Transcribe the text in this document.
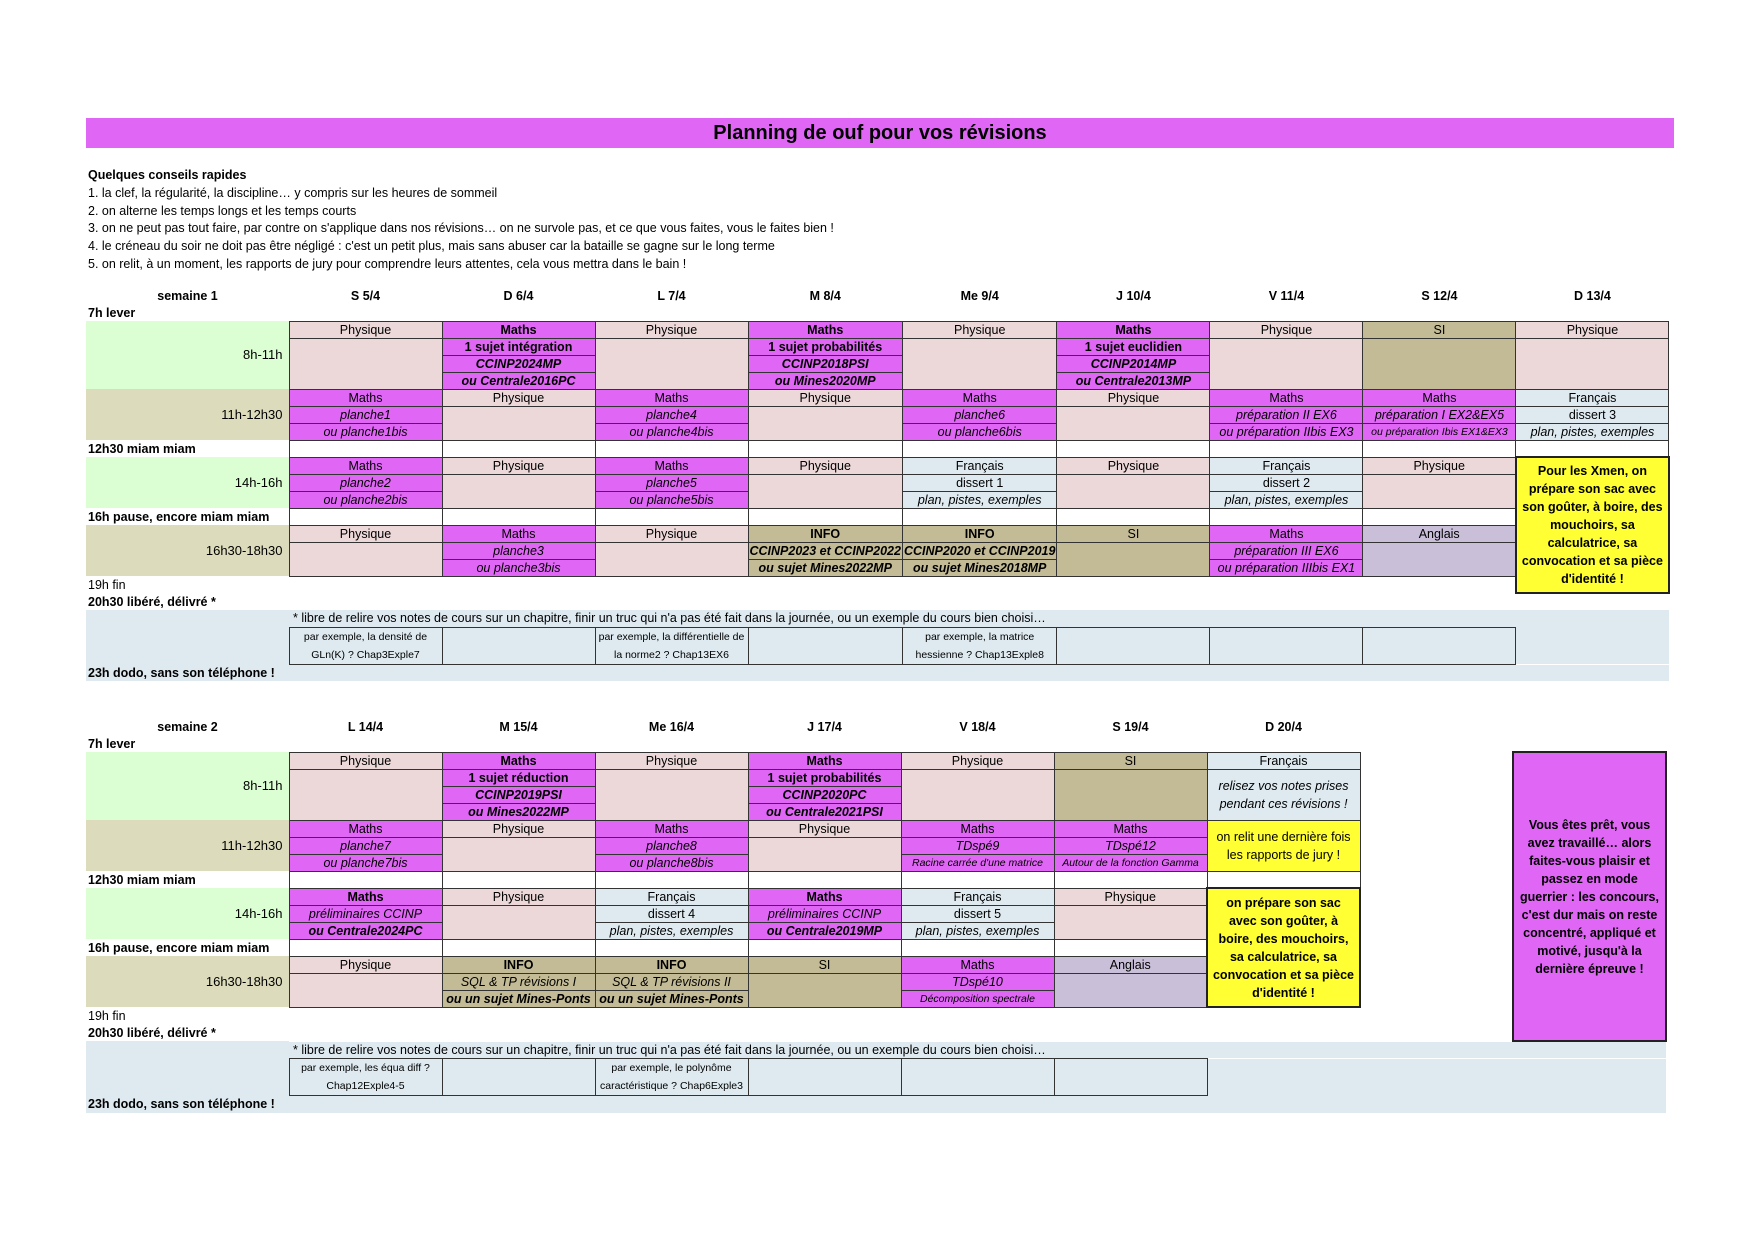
Planning de ouf pour vos révisions
Quelques conseils rapides
1. la clef, la régularité, la discipline… y compris sur les heures de sommeil
2. on alterne les temps longs et les temps courts
3. on ne peut pas tout faire, par contre on s'applique dans nos révisions… on ne survole pas, et ce que vous faites, vous le faites bien !
4. le créneau du soir ne doit pas être négligé : c'est un petit plus, mais sans abuser car la bataille se gagne sur le long terme
5. on relit, à un moment, les rapports de jury pour comprendre leurs attentes, cela vous mettra dans le bain !
semaine 1	S 5/4	D 6/4	L 7/4	M 8/4	Me 9/4	J 10/4	V 11/4	S 12/4	D 13/4
7h lever									
8h-11h	Physique	Maths	Physique	Maths	Physique	Maths	Physique	SI	Physique
		1 sujet intégration		1 sujet probabilités		1 sujet euclidien			
		CCINP2024MP		CCINP2018PSI		CCINP2014MP			
		ou Centrale2016PC		ou Mines2020MP		ou Centrale2013MP			
11h-12h30	Maths	Physique	Maths	Physique	Maths	Physique	Maths	Maths	Français
	planche1		planche4		planche6		préparation II EX6	préparation I EX2&EX5	dissert 3
	ou planche1bis		ou planche4bis		ou planche6bis		ou préparation IIbis EX3	ou préparation Ibis EX1&EX3	plan, pistes, exemples
12h30 miam miam									
14h-16h	Maths	Physique	Maths	Physique	Français	Physique	Français	Physique	Pour les Xmen, on prépare son sac avec son goûter, à boire, des mouchoirs, sa calculatrice, sa convocation et sa pièce d'identité !
	planche2		planche5		dissert 1		dissert 2		
	ou planche2bis		ou planche5bis		plan, pistes, exemples		plan, pistes, exemples		
16h pause, encore miam miam									
16h30-18h30	Physique	Maths	Physique	INFO	INFO	SI	Maths	Anglais	
		planche3		CCINP2023 et CCINP2022	CCINP2020 et CCINP2019		préparation III EX6		
		ou planche3bis		ou sujet Mines2022MP	ou sujet Mines2018MP		ou préparation IIIbis EX1		
19h fin									
20h30 libéré, délivré *									
	* libre de relire vos notes de cours sur un chapitre, finir un truc qui n'a pas été fait dans la journée, ou un exemple du cours bien choisi…								
	par exemple, la densité de GLn(K) ? Chap3Exple7		par exemple, la différentielle de la norme2 ? Chap13EX6		par exemple, la matrice hessienne ? Chap13Exple8				
23h dodo, sans son téléphone !									
semaine 2	L 14/4	M 15/4	Me 16/4	J 17/4	V 18/4	S 19/4	D 20/4		
7h lever									
8h-11h	Physique	Maths	Physique	Maths	Physique	SI	Français		Vous êtes prêt, vous avez travaillé… alors faites-vous plaisir et passez en mode guerrier : les concours, c'est dur mais on reste concentré, appliqué et motivé, jusqu'à la dernière épreuve !
		1 sujet réduction		1 sujet probabilités			relisez vos notes prises pendant ces révisions !		
		CCINP2019PSI		CCINP2020PC					
		ou Mines2022MP		ou Centrale2021PSI					
11h-12h30	Maths	Physique	Maths	Physique	Maths	Maths	on relit une dernière fois les rapports de jury !		
	planche7		planche8		TDspé9	TDspé12			
	ou planche7bis		ou planche8bis		Racine carrée d'une matrice	Autour de la fonction Gamma			
12h30 miam miam									
14h-16h	Maths	Physique	Français	Maths	Français	Physique	on prépare son sac avec son goûter, à boire, des mouchoirs, sa calculatrice, sa convocation et sa pièce d'identité !		
	préliminaires CCINP		dissert 4	préliminaires CCINP	dissert 5				
	ou Centrale2024PC		plan, pistes, exemples	ou Centrale2019MP	plan, pistes, exemples				
16h pause, encore miam miam									
16h30-18h30	Physique	INFO	INFO	SI	Maths	Anglais			
		SQL & TP révisions I	SQL & TP révisions II		TDspé10				
		ou un sujet Mines-Ponts	ou un sujet Mines-Ponts		Décomposition spectrale				
19h fin									
20h30 libéré, délivré *									
	* libre de relire vos notes de cours sur un chapitre, finir un truc qui n'a pas été fait dans la journée, ou un exemple du cours bien choisi…								
	par exemple, les équa diff ? Chap12Exple4-5		par exemple, le polynôme caractéristique ? Chap6Exple3						
23h dodo, sans son téléphone !									
